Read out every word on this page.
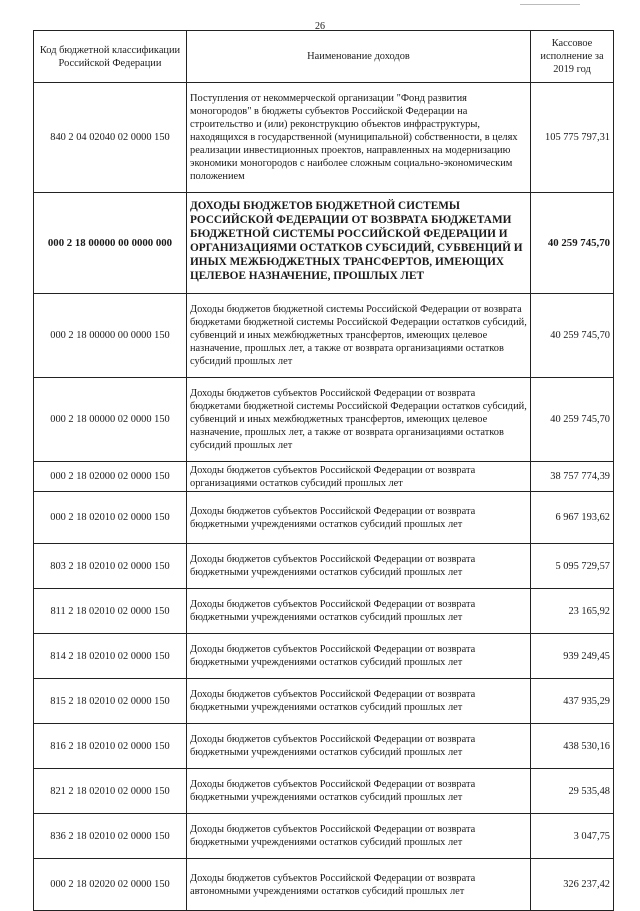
26
Код бюджетной классификации Российской Федерации	Наименование доходов	Кассовое исполнение за 2019 год
840 2 04 02040 02 0000 150	Поступления от некоммерческой организации "Фонд развития моногородов" в бюджеты субъектов Российской Федерации на строительство и (или) реконструкцию объектов инфраструктуры, находящихся в государственной (муниципальной) собственности, в целях реализации инвестиционных проектов, направленных на модернизацию экономики моногородов с наиболее сложным социально-экономическим положением	105 775 797,31
000 2 18 00000 00 0000 000	ДОХОДЫ БЮДЖЕТОВ БЮДЖЕТНОЙ СИСТЕМЫ РОССИЙСКОЙ ФЕДЕРАЦИИ ОТ ВОЗВРАТА БЮДЖЕТАМИ БЮДЖЕТНОЙ СИСТЕМЫ РОССИЙСКОЙ ФЕДЕРАЦИИ И ОРГАНИЗАЦИЯМИ ОСТАТКОВ СУБСИДИЙ, СУБВЕНЦИЙ И ИНЫХ МЕЖБЮДЖЕТНЫХ ТРАНСФЕРТОВ, ИМЕЮЩИХ ЦЕЛЕВОЕ НАЗНАЧЕНИЕ, ПРОШЛЫХ ЛЕТ	40 259 745,70
000 2 18 00000 00 0000 150	Доходы бюджетов бюджетной системы Российской Федерации от возврата бюджетами бюджетной системы Российской Федерации остатков субсидий, субвенций и иных межбюджетных трансфертов, имеющих целевое назначение, прошлых лет, а также от возврата организациями остатков субсидий прошлых лет	40 259 745,70
000 2 18 00000 02 0000 150	Доходы бюджетов субъектов Российской Федерации от возврата бюджетами бюджетной системы Российской Федерации остатков субсидий, субвенций и иных межбюджетных трансфертов, имеющих целевое назначение, прошлых лет, а также от возврата организациями остатков субсидий прошлых лет	40 259 745,70
000 2 18 02000 02 0000 150	Доходы бюджетов субъектов Российской Федерации от возврата организациями остатков субсидий прошлых лет	38 757 774,39
000 2 18 02010 02 0000 150	Доходы бюджетов субъектов Российской Федерации от возврата бюджетными учреждениями остатков субсидий прошлых лет	6 967 193,62
803 2 18 02010 02 0000 150	Доходы бюджетов субъектов Российской Федерации от возврата бюджетными учреждениями остатков субсидий прошлых лет	5 095 729,57
811 2 18 02010 02 0000 150	Доходы бюджетов субъектов Российской Федерации от возврата бюджетными учреждениями остатков субсидий прошлых лет	23 165,92
814 2 18 02010 02 0000 150	Доходы бюджетов субъектов Российской Федерации от возврата бюджетными учреждениями остатков субсидий прошлых лет	939 249,45
815 2 18 02010 02 0000 150	Доходы бюджетов субъектов Российской Федерации от возврата бюджетными учреждениями остатков субсидий прошлых лет	437 935,29
816 2 18 02010 02 0000 150	Доходы бюджетов субъектов Российской Федерации от возврата бюджетными учреждениями остатков субсидий прошлых лет	438 530,16
821 2 18 02010 02 0000 150	Доходы бюджетов субъектов Российской Федерации от возврата бюджетными учреждениями остатков субсидий прошлых лет	29 535,48
836 2 18 02010 02 0000 150	Доходы бюджетов субъектов Российской Федерации от возврата бюджетными учреждениями остатков субсидий прошлых лет	3 047,75
000 2 18 02020 02 0000 150	Доходы бюджетов субъектов Российской Федерации от возврата автономными учреждениями остатков субсидий прошлых лет	326 237,42
